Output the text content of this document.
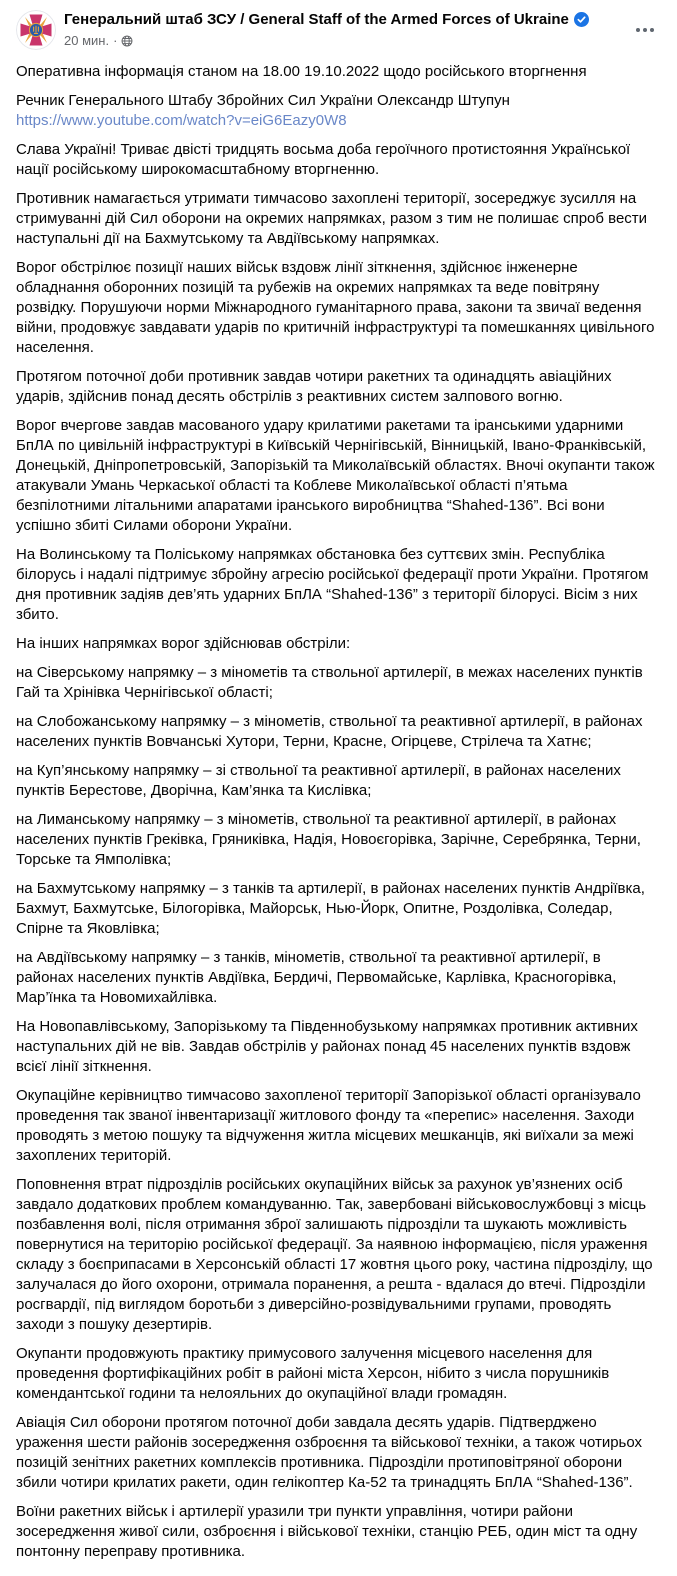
Генеральний штаб ЗСУ / General Staff of the Armed Forces of Ukraine
20 мин. ·

Оперативна інформація станом на 18.00 19.10.2022 щодо російського вторгнення

Речник Генерального Штабу Збройних Сил України Олександр Штупун

https://www.youtube.com/watch?v=eiG6Eazy0W8

Слава Україні! Триває двісті тридцять восьма доба героїчного протистояння Української нації російському широкомасштабному вторгненню.

Противник намагається утримати тимчасово захоплені території, зосереджує зусилля на стримуванні дій Сил оборони на окремих напрямках, разом з тим не полишає спроб вести наступальні дії на Бахмутському та Авдіївському напрямках.

Ворог обстрілює позиції наших військ вздовж лінії зіткнення, здійснює інженерне обладнання оборонних позицій та рубежів на окремих напрямках та веде повітряну розвідку. Порушуючи норми Міжнародного гуманітарного права, закони та звичаї ведення війни, продовжує завдавати ударів по критичній інфраструктурі та помешканнях цивільного населення.

Протягом поточної доби противник завдав чотири ракетних та одинадцять авіаційних ударів, здійснив понад десять обстрілів з реактивних систем залпового вогню.

Ворог вчергове завдав масованого удару крилатими ракетами та іранськими ударними БпЛА по цивільній інфраструктурі в Київській Чернігівській, Вінницькій, Івано-Франківській, Донецькій, Дніпропетровській, Запорізькій та Миколаївській областях. Вночі окупанти також атакували Умань Черкаської області та Коблеве Миколаївської області п’ятьма безпілотними літальними апаратами іранського виробництва “Shahed-136”. Всі вони успішно збиті Силами оборони України.

На Волинському та Поліському напрямках обстановка без суттєвих змін. Республіка білорусь і надалі підтримує збройну агресію російської федерації проти України. Протягом дня противник задіяв дев’ять ударних БпЛА “Shahed-136” з території білорусі. Вісім з них збито.

На інших напрямках ворог здійснював обстріли:

на Сіверському напрямку – з мінометів та ствольної артилерії, в межах населених пунктів Гай та Хрінівка Чернігівської області;

на Слобожанському напрямку – з мінометів, ствольної та реактивної артилерії, в районах населених пунктів Вовчанські Хутори, Терни, Красне, Огірцеве, Стрілеча та Хатнє;

на Куп’янському напрямку – зі ствольної та реактивної артилерії, в районах населених пунктів Берестове, Дворічна, Кам’янка та Кислівка;

на Лиманському напрямку – з мінометів, ствольної та реактивної артилерії, в районах населених пунктів Греківка, Гряниківка, Надія, Новоєгорівка, Зарічне, Серебрянка, Терни, Торське та Ямполівка;

на Бахмутському напрямку – з танків та артилерії, в районах населених пунктів Андріївка, Бахмут, Бахмутське, Білогорівка, Майорськ, Нью-Йорк, Опитне, Роздолівка, Соледар, Спірне та Яковлівка;

на Авдіївському напрямку – з танків, мінометів, ствольної та реактивної артилерії, в районах населених пунктів Авдіївка, Бердичі, Первомайське, Карлівка, Красногорівка, Мар’їнка та Новомихайлівка.

На Новопавлівському, Запорізькому та Південнобузькому напрямках противник активних наступальних дій не вів. Завдав обстрілів у районах понад 45 населених пунктів вздовж всієї лінії зіткнення.

Окупаційне керівництво тимчасово захопленої території Запорізької області організувало проведення так званої інвентаризації житлового фонду та «перепис» населення. Заходи проводять з метою пошуку та відчуження житла місцевих мешканців, які виїхали за межі захоплених територій.

Поповнення втрат підрозділів російських окупаційних військ за рахунок ув’язнених осіб завдало додаткових проблем командуванню. Так, завербовані військовослужбовці з місць позбавлення волі, після отримання зброї залишають підрозділи та шукають можливість повернутися на територію російської федерації. За наявною інформацією, після ураження складу з боєприпасами в Херсонській області 17 жовтня цього року, частина підрозділу, що залучалася до його охорони, отримала поранення, а решта - вдалася до втечі. Підрозділи росгвардії, під виглядом боротьби з диверсійно-розвідувальними групами, проводять заходи з пошуку дезертирів.

Окупанти продовжують практику примусового залучення місцевого населення для проведення фортифікаційних робіт в районі міста Херсон, нібито з числа порушників комендантської години та нелояльних до окупаційної влади громадян.

Авіація Сил оборони протягом поточної доби завдала десять ударів. Підтверджено ураження шести районів зосередження озброєння та військової техніки, а також чотирьох позицій зенітних ракетних комплексів противника. Підрозділи протиповітряної оборони збили чотири крилатих ракети, один гелікоптер Ка-52 та тринадцять БпЛА “Shahed-136”.

Воїни ракетних військ і артилерії уразили три пункти управління, чотири райони зосередження живої сили, озброєння і військової техніки, станцію РЕБ, один міст та одну понтонну переправу противника.
